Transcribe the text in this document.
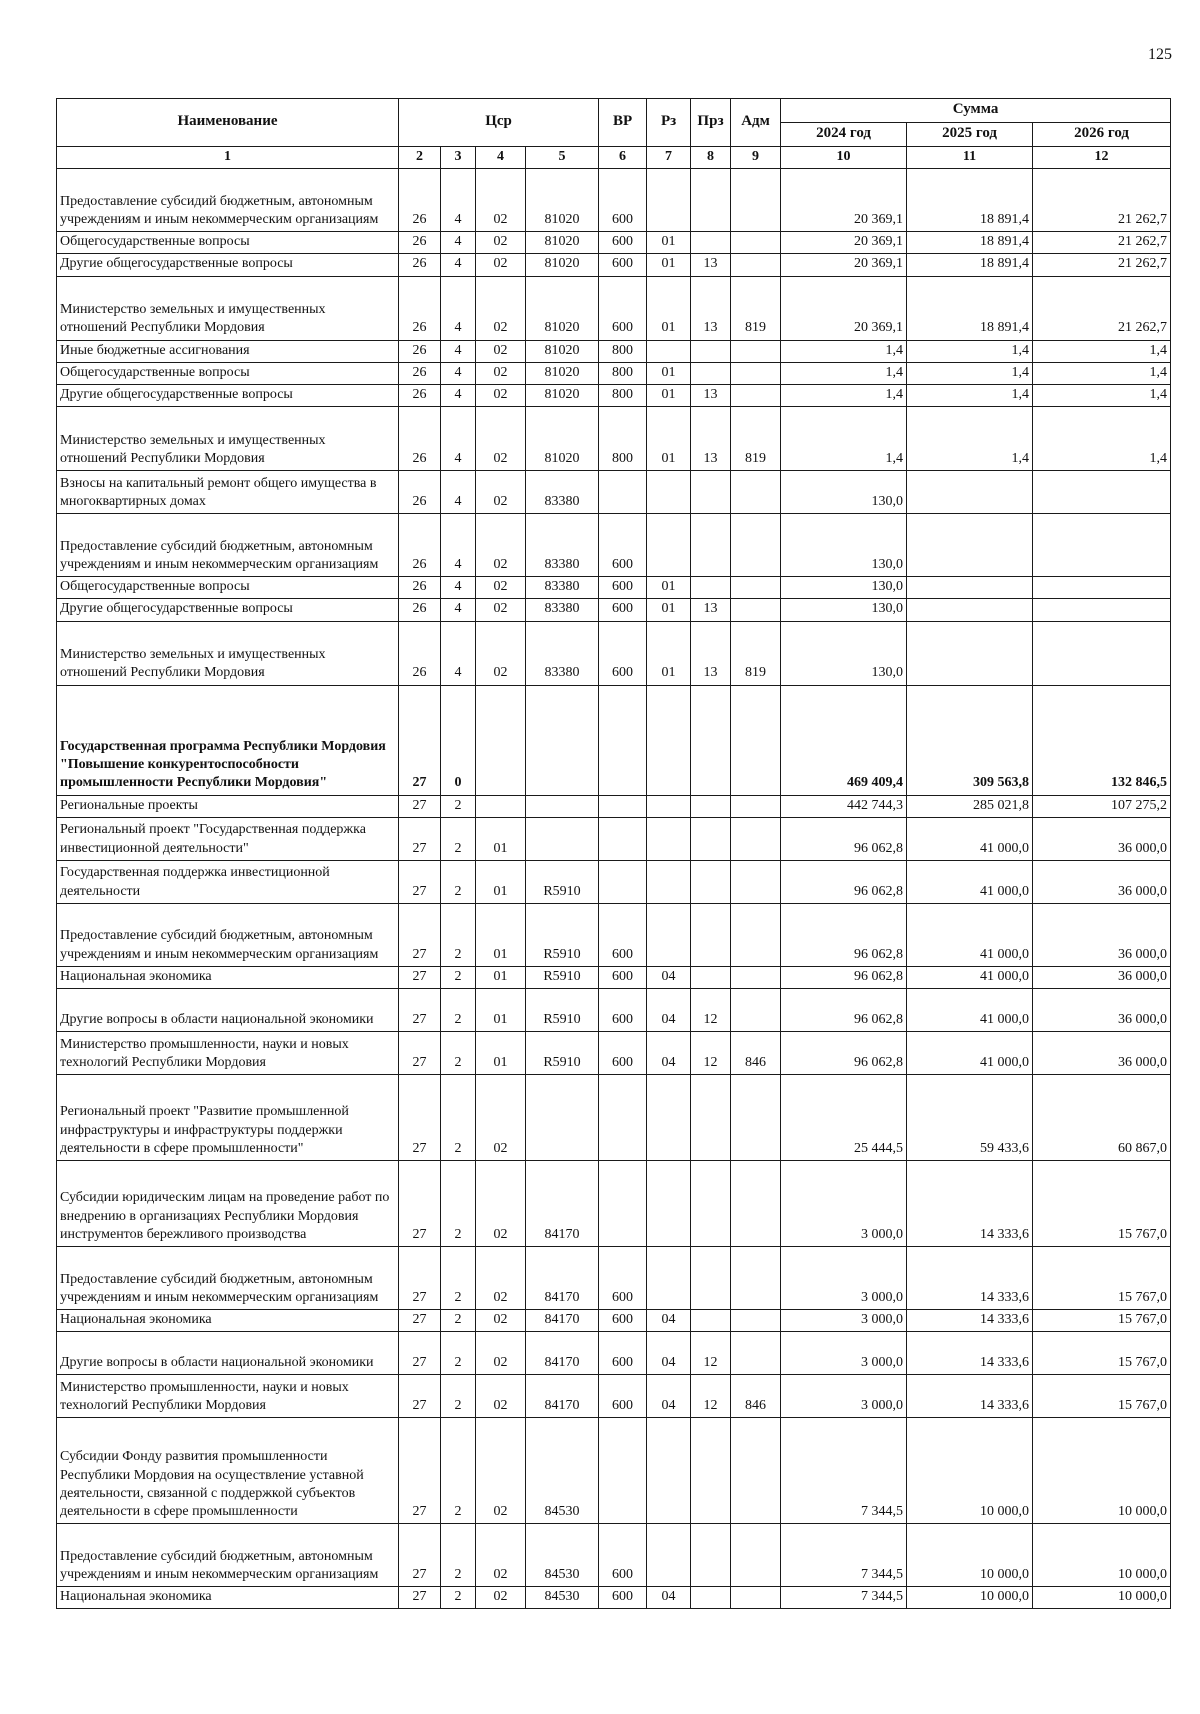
125
Наименование	Цср				ВР	Рз	Прз	Адм	Сумма		
									2024 год	2025 год	2026 год
1	2	3	4	5	6	7	8	9	10	11	12
Предоставление субсидий бюджетным, автономным учреждениям и иным некоммерческим организациям	26	4	02	81020	600				20 369,1	18 891,4	21 262,7
Общегосударственные вопросы	26	4	02	81020	600	01			20 369,1	18 891,4	21 262,7
Другие общегосударственные вопросы	26	4	02	81020	600	01	13		20 369,1	18 891,4	21 262,7
Министерство земельных и имущественных отношений Республики Мордовия	26	4	02	81020	600	01	13	819	20 369,1	18 891,4	21 262,7
Иные бюджетные ассигнования	26	4	02	81020	800				1,4	1,4	1,4
Общегосударственные вопросы	26	4	02	81020	800	01			1,4	1,4	1,4
Другие общегосударственные вопросы	26	4	02	81020	800	01	13		1,4	1,4	1,4
Министерство земельных и имущественных отношений Республики Мордовия	26	4	02	81020	800	01	13	819	1,4	1,4	1,4
Взносы на капитальный ремонт общего имущества в многоквартирных домах	26	4	02	83380					130,0		
Предоставление субсидий бюджетным, автономным учреждениям и иным некоммерческим организациям	26	4	02	83380	600				130,0		
Общегосударственные вопросы	26	4	02	83380	600	01			130,0		
Другие общегосударственные вопросы	26	4	02	83380	600	01	13		130,0		
Министерство земельных и имущественных отношений Республики Мордовия	26	4	02	83380	600	01	13	819	130,0		
Государственная программа Республики Мордовия "Повышение конкурентоспособности промышленности Республики Мордовия"	27	0							469 409,4	309 563,8	132 846,5
Региональные проекты	27	2							442 744,3	285 021,8	107 275,2
Региональный проект "Государственная поддержка инвестиционной деятельности"	27	2	01						96 062,8	41 000,0	36 000,0
Государственная поддержка инвестиционной деятельности	27	2	01	R5910					96 062,8	41 000,0	36 000,0
Предоставление субсидий бюджетным, автономным учреждениям и иным некоммерческим организациям	27	2	01	R5910	600				96 062,8	41 000,0	36 000,0
Национальная экономика	27	2	01	R5910	600	04			96 062,8	41 000,0	36 000,0
Другие вопросы в области национальной экономики	27	2	01	R5910	600	04	12		96 062,8	41 000,0	36 000,0
Министерство промышленности, науки и новых технологий Республики Мордовия	27	2	01	R5910	600	04	12	846	96 062,8	41 000,0	36 000,0
Региональный проект "Развитие промышленной инфраструктуры и инфраструктуры поддержки деятельности в сфере промышленности"	27	2	02						25 444,5	59 433,6	60 867,0
Субсидии юридическим лицам на проведение работ по внедрению в организациях Республики Мордовия инструментов бережливого производства	27	2	02	84170					3 000,0	14 333,6	15 767,0
Предоставление субсидий бюджетным, автономным учреждениям и иным некоммерческим организациям	27	2	02	84170	600				3 000,0	14 333,6	15 767,0
Национальная экономика	27	2	02	84170	600	04			3 000,0	14 333,6	15 767,0
Другие вопросы в области национальной экономики	27	2	02	84170	600	04	12		3 000,0	14 333,6	15 767,0
Министерство промышленности, науки и новых технологий Республики Мордовия	27	2	02	84170	600	04	12	846	3 000,0	14 333,6	15 767,0
Субсидии Фонду развития промышленности Республики Мордовия на осуществление уставной деятельности, связанной с поддержкой субъектов деятельности в сфере промышленности	27	2	02	84530					7 344,5	10 000,0	10 000,0
Предоставление субсидий бюджетным, автономным учреждениям и иным некоммерческим организациям	27	2	02	84530	600				7 344,5	10 000,0	10 000,0
Национальная экономика	27	2	02	84530	600	04			7 344,5	10 000,0	10 000,0
